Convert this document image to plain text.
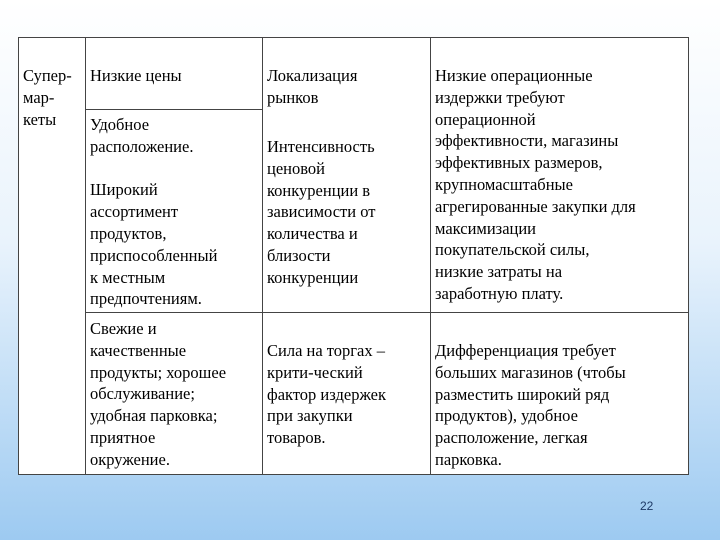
Супер-
мар-
кеты

Низкие цены	Локализация
рынков

Низкие операционные
издержки требуют
операционной
эффективности, магазины
эффективных размеров,
крупномасштабные
агрегированные закупки для
максимизации
покупательской силы,
низкие затраты на
заработную плату.

Удобное
расположение.

Широкий
ассортимент
продуктов,
приспособленный
к местным
предпочтениям.

Интенсивность
ценовой
конкуренции в
зависимости от
количества и
близости
конкуренции

Свежие и
качественные
продукты; хорошее
обслуживание;
удобная парковка;
приятное
окружение.

Сила на торгах –
крити-ческий
фактор издержек
при закупки
товаров.

Дифференциация требует
больших магазинов (чтобы
разместить широкий ряд
продуктов), удобное
расположение, легкая
парковка.

22
